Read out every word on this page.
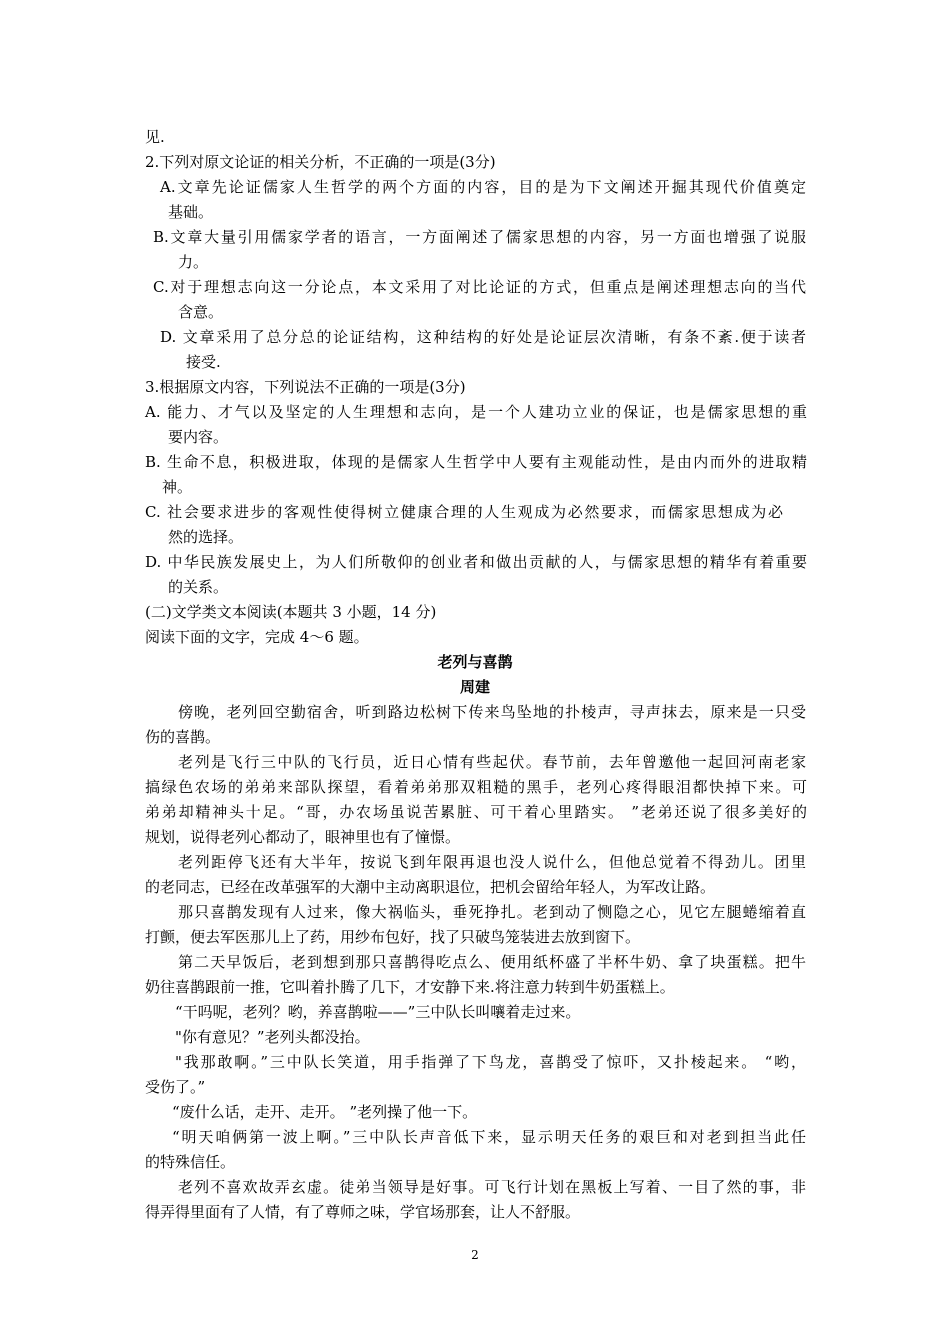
见.
2.下列对原文论证的相关分析，不正确的一项是(3分)
A.文章先论证儒家人生哲学的两个方面的内容，目的是为下文阐述开掘其现代价值奠定
基础。
B.文章大量引用儒家学者的语言，一方面阐述了儒家思想的内容，另一方面也增强了说服
力。
C.对于理想志向这一分论点，本文采用了对比论证的方式，但重点是阐述理想志向的当代
含意。
D. 文章采用了总分总的论证结构，这种结构的好处是论证层次清晰，有条不紊.便于读者
接受.
3.根据原文内容，下列说法不正确的一项是(3分)
A. 能力、才气以及坚定的人生理想和志向，是一个人建功立业的保证，也是儒家思想的重
要内容。
B. 生命不息，积极进取，体现的是儒家人生哲学中人要有主观能动性，是由内而外的进取精
神。
C. 社会要求进步的客观性使得树立健康合理的人生观成为必然要求，而儒家思想成为必
然的选择。
D. 中华民族发展史上，为人们所敬仰的创业者和做出贡献的人，与儒家思想的精华有着重要
的关系。
(二)文学类文本阅读(本题共 3 小题，14 分)
阅读下面的文字，完成 4～6 题。
老列与喜鹊
周建
傍晚，老列回空勤宿舍，听到路边松树下传来鸟坠地的扑棱声，寻声抹去，原来是一只受
伤的喜鹊。
老列是飞行三中队的飞行员，近日心情有些起伏。春节前，去年曾邀他一起回河南老家
搞绿色农场的弟弟来部队探望，看着弟弟那双粗糙的黑手，老列心疼得眼泪都快掉下来。可
弟弟却精神头十足。“哥，办农场虽说苦累脏、可干着心里踏实。 ”老弟还说了很多美好的
规划，说得老列心都动了，眼神里也有了憧憬。
老列距停飞还有大半年，按说飞到年限再退也没人说什么，但他总觉着不得劲儿。团里
的老同志，已经在改革强军的大潮中主动离职退位，把机会留给年轻人，为军改让路。
那只喜鹊发现有人过来，像大祸临头，垂死挣扎。老到动了恻隐之心，见它左腿蜷缩着直
打颤，便去军医那儿上了药，用纱布包好，找了只破鸟笼装进去放到窗下。
第二天早饭后，老到想到那只喜鹊得吃点么、便用纸杯盛了半杯牛奶、拿了块蛋糕。把牛
奶往喜鹊跟前一推，它叫着扑腾了几下，才安静下来.将注意力转到牛奶蛋糕上。
“干吗呢，老列？哟，养喜鹊啦——”三中队长叫嚷着走过来。
"你有意见？”老列头都没抬。
"我那敢啊。”三中队长笑道，用手指弹了下鸟龙，喜鹊受了惊吓，又扑棱起来。 “哟，
受伤了。”
“废什么话，走开、走开。 ”老列操了他一下。
“明天咱俩第一波上啊。”三中队长声音低下来，显示明天任务的艰巨和对老到担当此任
的特殊信任。
老列不喜欢故弄玄虚。徒弟当领导是好事。可飞行计划在黑板上写着、一目了然的事，非
得弄得里面有了人情，有了尊师之味，学官场那套，让人不舒服。
2
